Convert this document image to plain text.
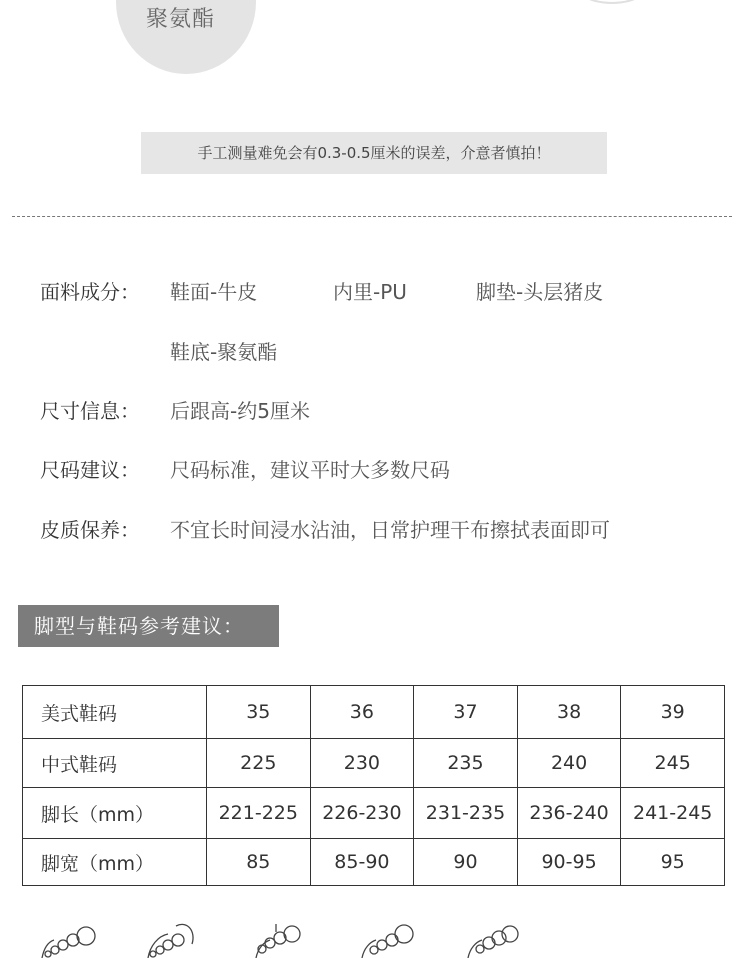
聚氨酯
手工测量难免会有0.3-0.5厘米的误差，介意者慎拍！
面料成分： 鞋面-牛皮	内里-PU	脚垫-头层猪皮
鞋底-聚氨酯
尺寸信息： 后跟高-约5厘米
尺码建议： 尺码标准，建议平时大多数尺码
皮质保养： 不宜长时间浸水沾油，日常护理干布擦拭表面即可
脚型与鞋码参考建议：
美式鞋码	35	36	37	38	39
中式鞋码	225	230	235	240	245
脚长（mm）	221-225	226-230	231-235	236-240	241-245
脚宽（mm）	85	85-90	90	90-95	95
